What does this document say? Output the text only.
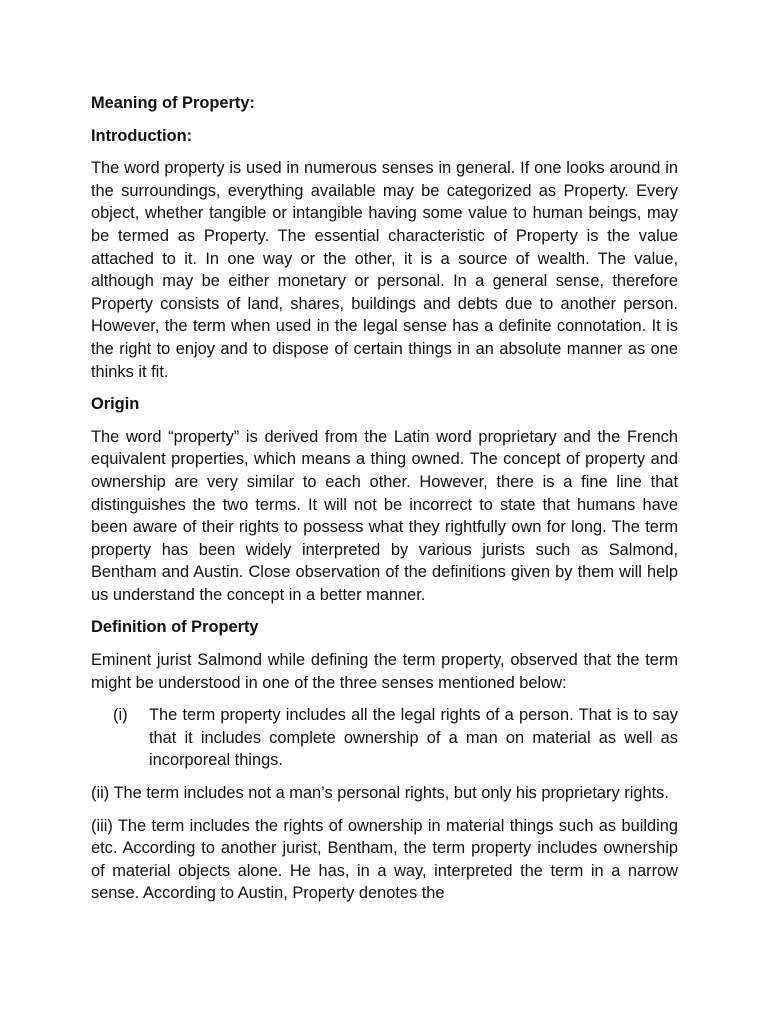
Meaning of Property:
Introduction:
The word property is used in numerous senses in general. If one looks around in the surroundings, everything available may be categorized as Property. Every object, whether tangible or intangible having some value to human beings, may be termed as Property. The essential characteristic of Property is the value attached to it. In one way or the other, it is a source of wealth. The value, although may be either monetary or personal. In a general sense, therefore Property consists of land, shares, buildings and debts due to another person. However, the term when used in the legal sense has a definite connotation. It is the right to enjoy and to dispose of certain things in an absolute manner as one thinks it fit.
Origin
The word “property” is derived from the Latin word proprietary and the French equivalent properties, which means a thing owned. The concept of property and ownership are very similar to each other. However, there is a fine line that distinguishes the two terms. It will not be incorrect to state that humans have been aware of their rights to possess what they rightfully own for long. The term property has been widely interpreted by various jurists such as Salmond, Bentham and Austin. Close observation of the definitions given by them will help us understand the concept in a better manner.
Definition of Property
Eminent jurist Salmond while defining the term property, observed that the term might be understood in one of the three senses mentioned below:
(i)	The term property includes all the legal rights of a person. That is to say that it includes complete ownership of a man on material as well as incorporeal things.
(ii) The term includes not a man’s personal rights, but only his proprietary rights.
(iii) The term includes the rights of ownership in material things such as building etc. According to another jurist, Bentham, the term property includes ownership of material objects alone. He has, in a way, interpreted the term in a narrow sense. According to Austin, Property denotes the
